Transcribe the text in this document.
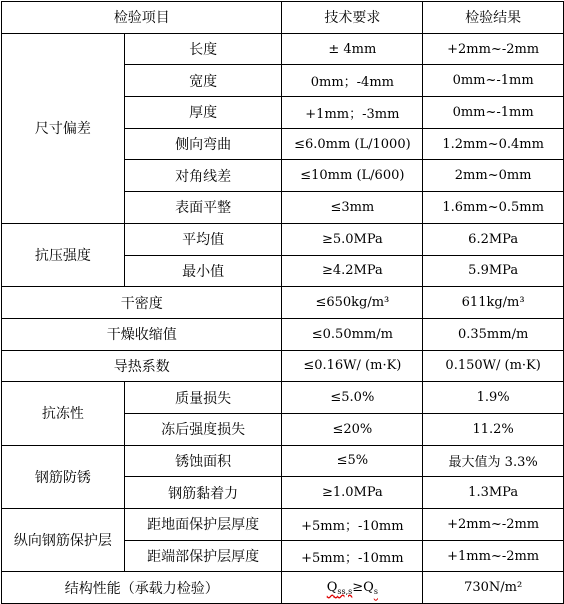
检验项目		技术要求	检验结果
尺寸偏差	长度	± 4mm	+2mm~-2mm
	宽度	0mm；-4mm	0mm~-1mm
	厚度	+1mm；-3mm	0mm~-1mm
	侧向弯曲	≤6.0mm (L/1000)	1.2mm~0.4mm
	对角线差	≤10mm (L/600)	2mm~0mm
	表面平整	≤3mm	1.6mm~0.5mm
抗压强度	平均值	≥5.0MPa	6.2MPa
	最小值	≥4.2MPa	5.9MPa
干密度		≤650kg/m³	611kg/m³
干燥收缩值		≤0.50mm/m	0.35mm/m
导热系数		≤0.16W/ (m·K)	0.150W/ (m·K)
抗冻性	质量损失	≤5.0%	1.9%
	冻后强度损失	≤20%	11.2%
钢筋防锈	锈蚀面积	≤5%	最大值为 3.3%
	钢筋黏着力	≥1.0MPa	1.3MPa
纵向钢筋保护层	距地面保护层厚度	+5mm；-10mm	+2mm~-2mm
	距端部保护层厚度	+5mm；-10mm	+1mm~-2mm
结构性能（承载力检验）		$Q_{ss,s}\ge Q_s$	730N/m²
